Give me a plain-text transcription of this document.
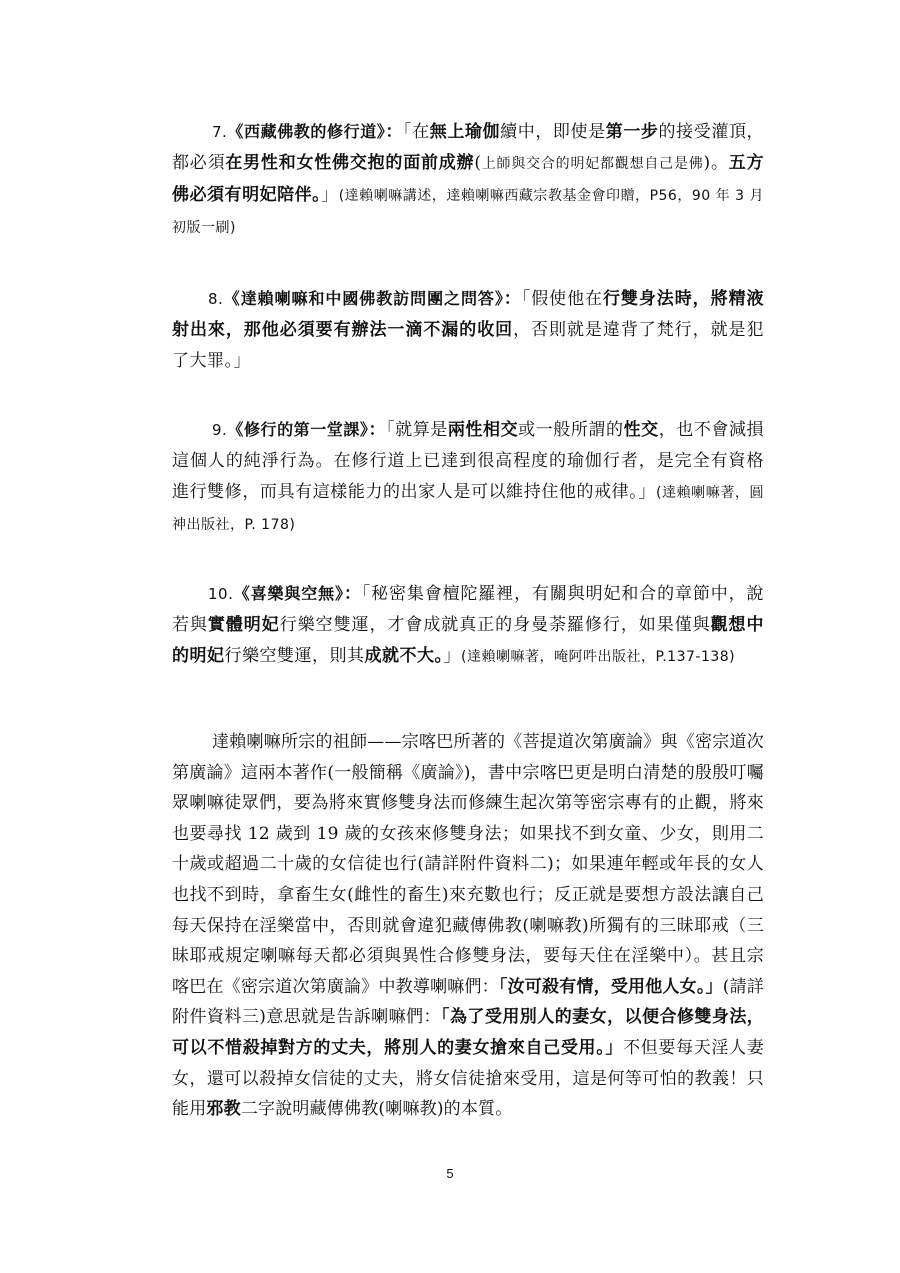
7.《西藏佛教的修行道》：「在無上瑜伽續中，即使是第一步的接受灌頂，都必須在男性和女性佛交抱的面前成辦(上師與交合的明妃都觀想自己是佛)。五方佛必須有明妃陪伴。」(達賴喇嘛講述，達賴喇嘛西藏宗教基金會印贈，P56，90 年 3 月初版一刷)

8.《達賴喇嘛和中國佛教訪問團之問答》：「假使他在行雙身法時，將精液射出來，那他必須要有辦法一滴不漏的收回，否則就是違背了梵行，就是犯了大罪。」

9.《修行的第一堂課》：「就算是兩性相交或一般所謂的性交，也不會減損這個人的純淨行為。在修行道上已達到很高程度的瑜伽行者，是完全有資格進行雙修，而具有這樣能力的出家人是可以維持住他的戒律。」(達賴喇嘛著，圓神出版社，P. 178)

10.《喜樂與空無》：「秘密集會檀陀羅裡，有關與明妃和合的章節中，說若與實體明妃行樂空雙運，才會成就真正的身曼荼羅修行，如果僅與觀想中的明妃行樂空雙運，則其成就不大。」(達賴喇嘛著，唵阿吽出版社，P.137-138)

達賴喇嘛所宗的祖師——宗喀巴所著的《菩提道次第廣論》與《密宗道次第廣論》這兩本著作(一般簡稱《廣論》)，書中宗喀巴更是明白清楚的殷殷叮囑眾喇嘛徒眾們，要為將來實修雙身法而修練生起次第等密宗專有的止觀，將來也要尋找 12 歲到 19 歲的女孩來修雙身法；如果找不到女童、少女，則用二十歲或超過二十歲的女信徒也行(請詳附件資料二)；如果連年輕或年長的女人也找不到時，拿畜生女(雌性的畜生)來充數也行；反正就是要想方設法讓自己每天保持在淫樂當中，否則就會違犯藏傳佛教(喇嘛教)所獨有的三昧耶戒（三昧耶戒規定喇嘛每天都必須與異性合修雙身法，要每天住在淫樂中）。甚且宗喀巴在《密宗道次第廣論》中教導喇嘛們：「汝可殺有情，受用他人女。」(請詳附件資料三)意思就是告訴喇嘛們：「為了受用別人的妻女，以便合修雙身法，可以不惜殺掉對方的丈夫，將別人的妻女搶來自己受用。」不但要每天淫人妻女，還可以殺掉女信徒的丈夫，將女信徒搶來受用，這是何等可怕的教義！只能用邪教二字說明藏傳佛教(喇嘛教)的本質。

5
